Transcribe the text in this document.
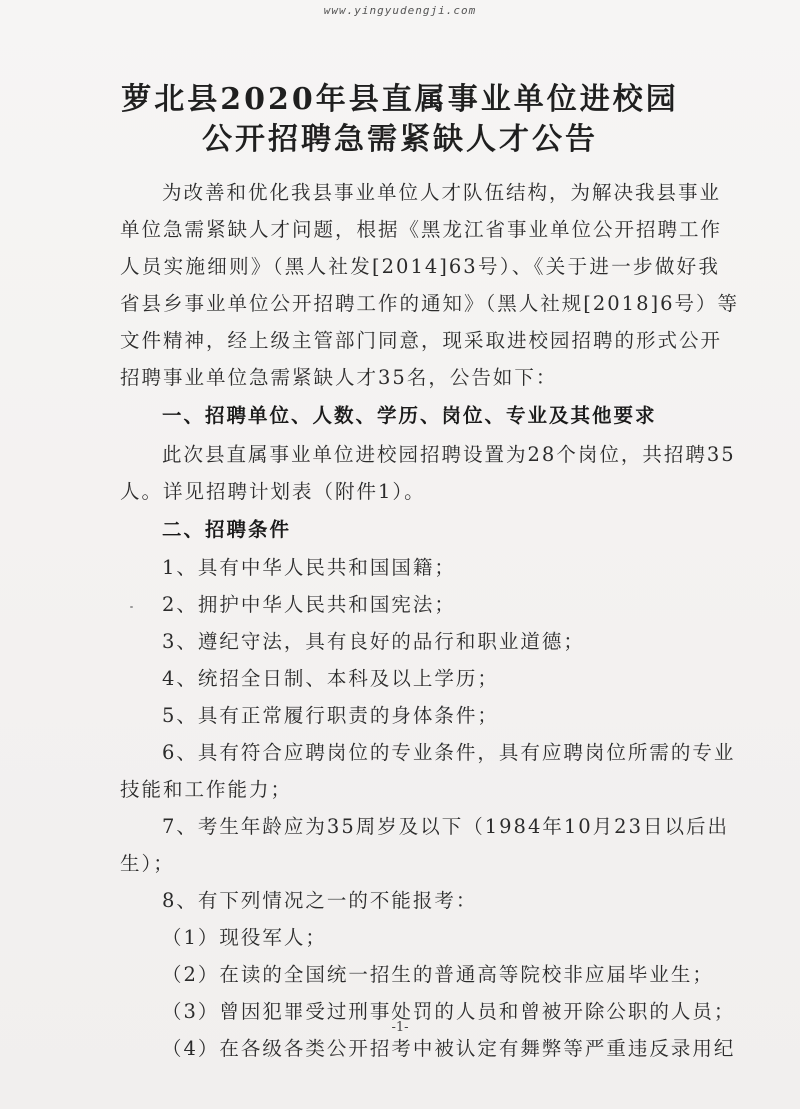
www.yingyudengji.com
萝北县2020年县直属事业单位进校园
公开招聘急需紧缺人才公告
为改善和优化我县事业单位人才队伍结构，为解决我县事业
单位急需紧缺人才问题，根据《黑龙江省事业单位公开招聘工作
人员实施细则》（黑人社发[2014]63号）、《关于进一步做好我
省县乡事业单位公开招聘工作的通知》（黑人社规[2018]6号）等
文件精神，经上级主管部门同意，现采取进校园招聘的形式公开
招聘事业单位急需紧缺人才35名，公告如下：
一、招聘单位、人数、学历、岗位、专业及其他要求
此次县直属事业单位进校园招聘设置为28个岗位，共招聘35
人。详见招聘计划表（附件1）。
二、招聘条件
1、具有中华人民共和国国籍；
2、拥护中华人民共和国宪法；
3、遵纪守法，具有良好的品行和职业道德；
4、统招全日制、本科及以上学历；
5、具有正常履行职责的身体条件；
6、具有符合应聘岗位的专业条件，具有应聘岗位所需的专业
技能和工作能力；
7、考生年龄应为35周岁及以下（1984年10月23日以后出
生）；
8、有下列情况之一的不能报考：
（1）现役军人；
（2）在读的全国统一招生的普通高等院校非应届毕业生；
（3）曾因犯罪受过刑事处罚的人员和曾被开除公职的人员；
（4）在各级各类公开招考中被认定有舞弊等严重违反录用纪
-1-
